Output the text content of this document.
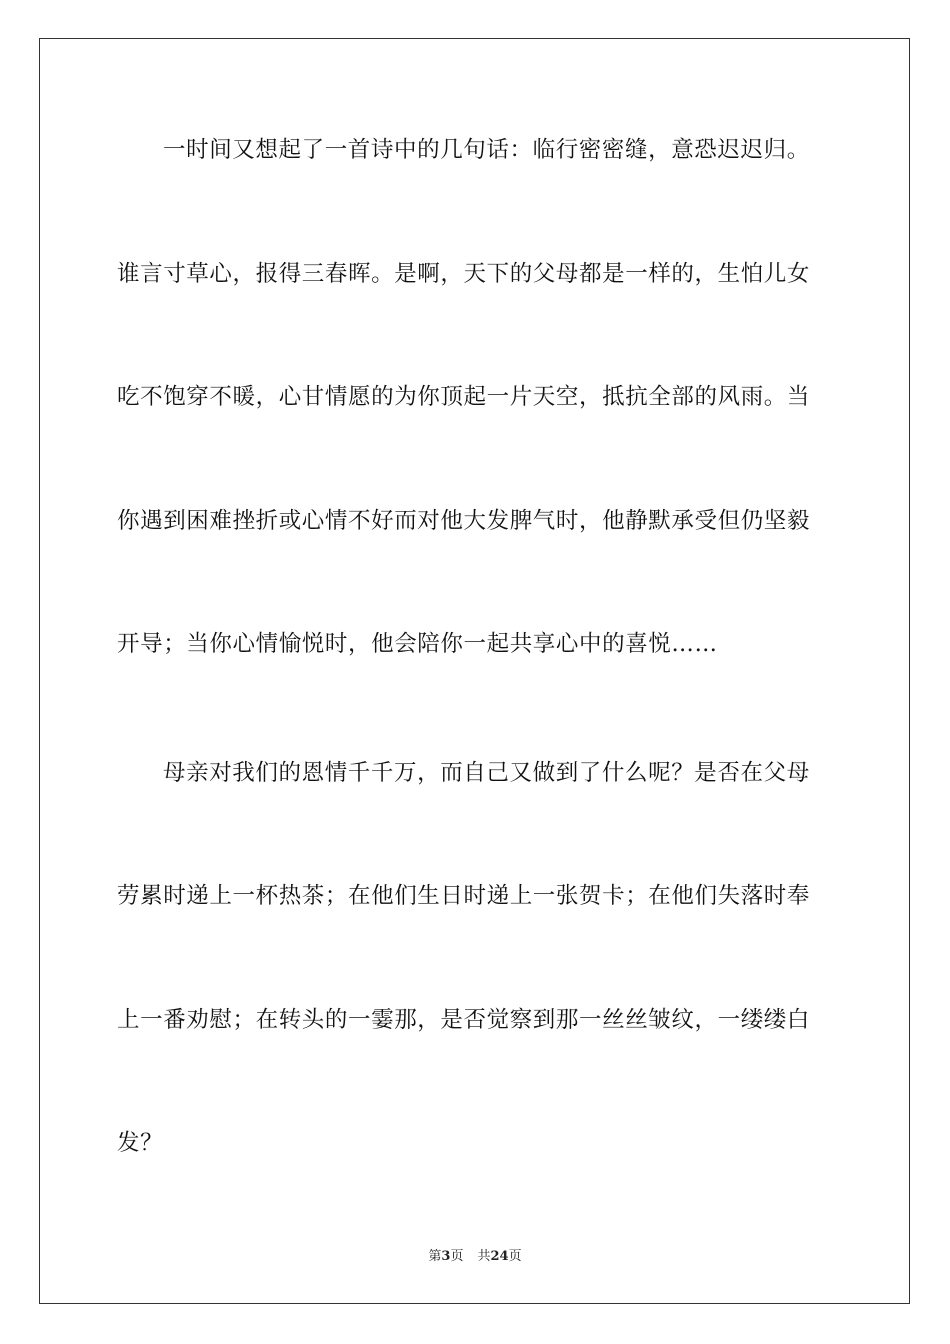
一时间又想起了一首诗中的几句话：临行密密缝，意恐迟迟归。
谁言寸草心，报得三春晖。是啊，天下的父母都是一样的，生怕儿女
吃不饱穿不暖，心甘情愿的为你顶起一片天空，抵抗全部的风雨。当
你遇到困难挫折或心情不好而对他大发脾气时，他静默承受但仍坚毅
开导；当你心情愉悦时，他会陪你一起共享心中的喜悦……
母亲对我们的恩情千千万，而自己又做到了什么呢？是否在父母
劳累时递上一杯热茶；在他们生日时递上一张贺卡；在他们失落时奉
上一番劝慰；在转头的一霎那，是否觉察到那一丝丝皱纹，一缕缕白
发？
第3页 共24页
